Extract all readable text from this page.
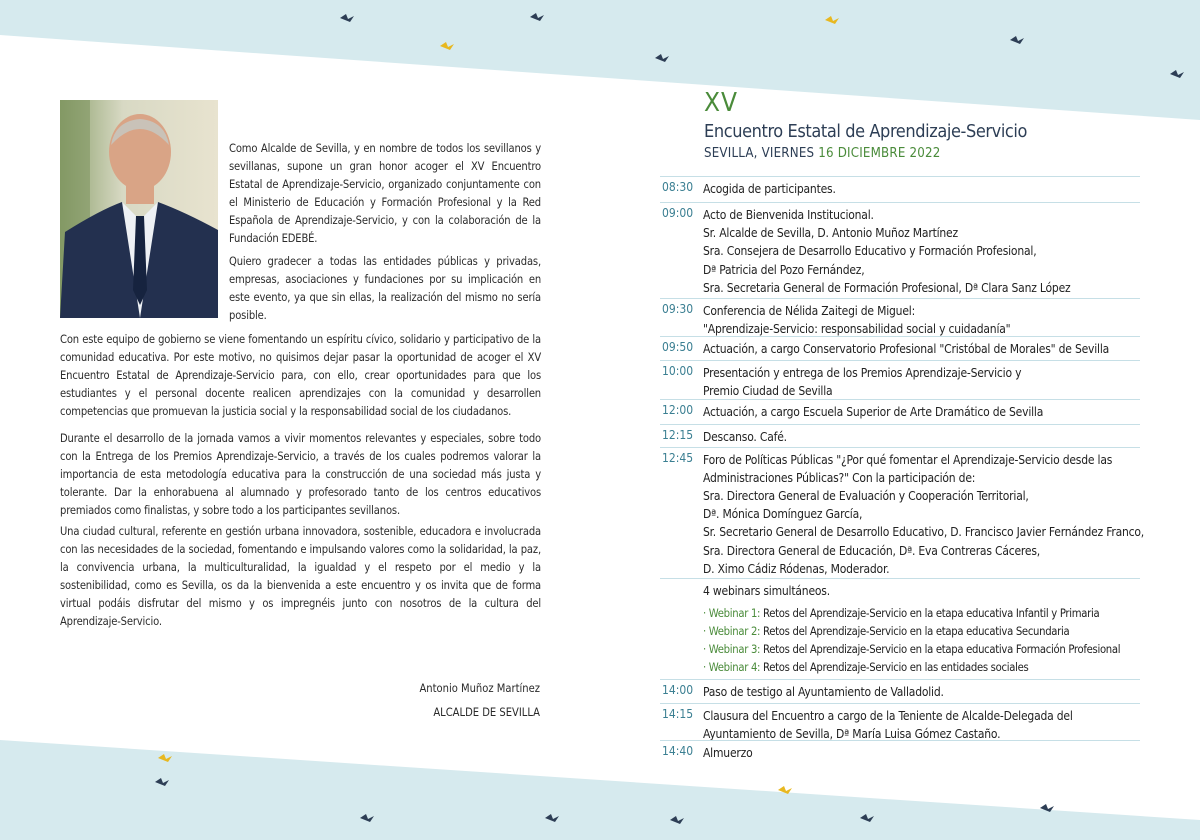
Como Alcalde de Sevilla, y en nombre de todos los sevillanos y sevillanas, supone un gran honor acoger el XV Encuentro Estatal de Aprendizaje-Servicio, organizado conjuntamente con el Ministerio de Educación y Formación Profesional y la Red Española de Aprendizaje-Servicio, y con la colaboración de la Fundación EDEBÉ.

Quiero gradecer a todas las entidades públicas y privadas, empresas, asociaciones y fundaciones por su implicación en este evento, ya que sin ellas, la realización del mismo no sería posible.

Con este equipo de gobierno se viene fomentando un espíritu cívico, solidario y participativo de la comunidad educativa. Por este motivo, no quisimos dejar pasar la oportunidad de acoger el XV Encuentro Estatal de Aprendizaje-Servicio para, con ello, crear oportunidades para que los estudiantes y el personal docente realicen aprendizajes con la comunidad y desarrollen competencias que promuevan la justicia social y la responsabilidad social de los ciudadanos.

Durante el desarrollo de la jornada vamos a vivir momentos relevantes y especiales, sobre todo con la Entrega de los Premios Aprendizaje-Servicio, a través de los cuales podremos valorar la importancia de esta metodología educativa para la construcción de una sociedad más justa y tolerante. Dar la enhorabuena al alumnado y profesorado tanto de los centros educativos premiados como finalistas, y sobre todo a los participantes sevillanos.

Una ciudad cultural, referente en gestión urbana innovadora, sostenible, educadora e involucrada con las necesidades de la sociedad, fomentando e impulsando valores como la solidaridad, la paz, la convivencia urbana, la multiculturalidad, la igualdad y el respeto por el medio y la sostenibilidad, como es Sevilla, os da la bienvenida a este encuentro y os invita que de forma virtual podáis disfrutar del mismo y os impregnéis junto con nosotros de la cultura del Aprendizaje-Servicio.

Antonio Muñoz Martínez
ALCALDE DE SEVILLA
XV
Encuentro Estatal de Aprendizaje-Servicio
SEVILLA, VIERNES 16 DICIEMBRE 2022
08:30 Acogida de participantes.
09:00 Acto de Bienvenida Institucional.
Sr. Alcalde de Sevilla, D. Antonio Muñoz Martínez
Sra. Consejera de Desarrollo Educativo y Formación Profesional,
Dª Patricia del Pozo Fernández,
Sra. Secretaria General de Formación Profesional, Dª Clara Sanz López
09:30 Conferencia de Nélida Zaitegi de Miguel:
"Aprendizaje-Servicio: responsabilidad social y cuidadanía"
09:50 Actuación, a cargo Conservatorio Profesional "Cristóbal de Morales" de Sevilla
10:00 Presentación y entrega de los Premios Aprendizaje-Servicio y
Premio Ciudad de Sevilla
12:00 Actuación, a cargo Escuela Superior de Arte Dramático de Sevilla
12:15 Descanso. Café.
12:45 Foro de Políticas Públicas "¿Por qué fomentar el Aprendizaje-Servicio desde las
Administraciones Públicas?" Con la participación de:
Sra. Directora General de Evaluación y Cooperación Territorial,
Dª. Mónica Domínguez García,
Sr. Secretario General de Desarrollo Educativo, D. Francisco Javier Fernández Franco,
Sra. Directora General de Educación, Dª. Eva Contreras Cáceres,
D. Ximo Cádiz Ródenas, Moderador.
4 webinars simultáneos.
14:00 Paso de testigo al Ayuntamiento de Valladolid.
14:15 Clausura del Encuentro a cargo de la Teniente de Alcalde-Delegada del
Ayuntamiento de Sevilla, Dª María Luisa Gómez Castaño.
14:40 Almuerzo
· Webinar 1: Retos del Aprendizaje-Servicio en la etapa educativa Infantil y Primaria
· Webinar 2: Retos del Aprendizaje-Servicio en la etapa educativa Secundaria
· Webinar 3: Retos del Aprendizaje-Servicio en la etapa educativa Formación Profesional
· Webinar 4: Retos del Aprendizaje-Servicio en las entidades sociales
